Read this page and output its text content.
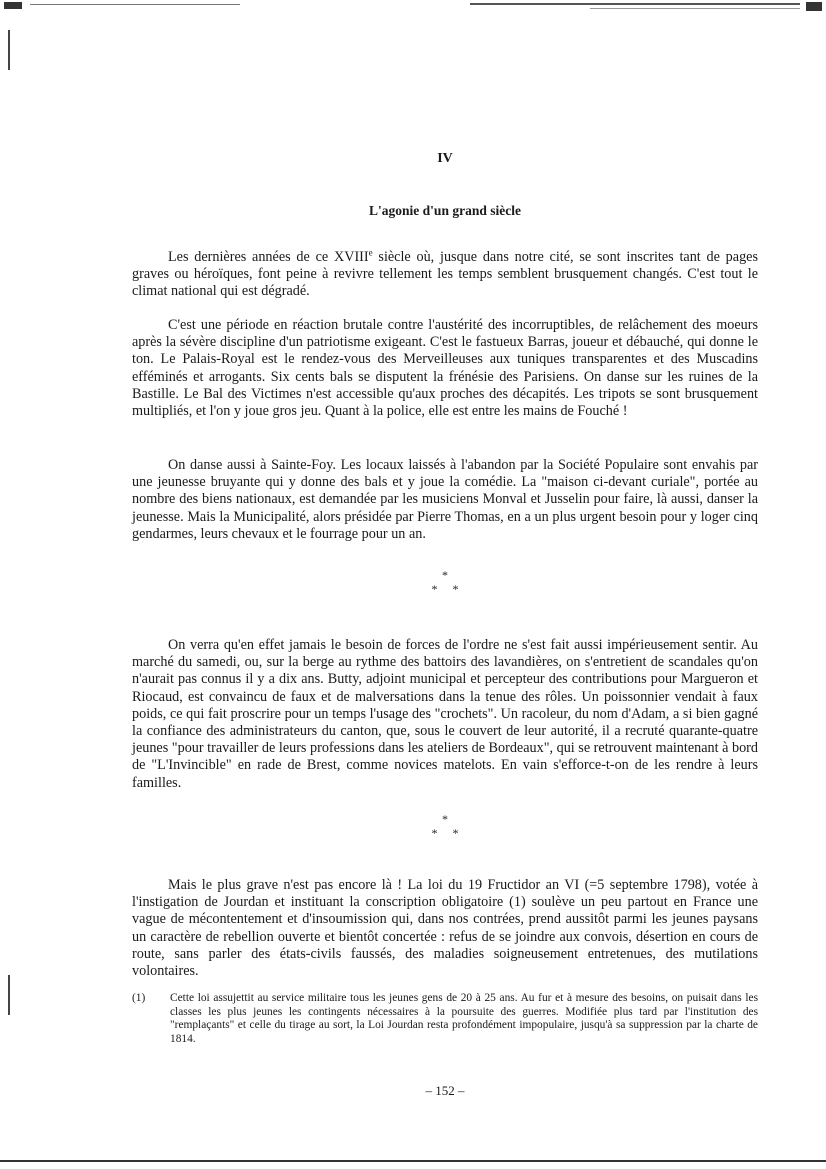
IV
L'agonie d'un grand siècle

Les dernières années de ce XVIIIe siècle où, jusque dans notre cité, se sont inscrites tant de pages graves ou héroïques, font peine à revivre tellement les temps semblent brusquement changés. C'est tout le climat national qui est dégradé.

C'est une période en réaction brutale contre l'austérité des incorruptibles, de relâchement des moeurs après la sévère discipline d'un patriotisme exigeant. C'est le fastueux Barras, joueur et débauché, qui donne le ton. Le Palais-Royal est le rendez-vous des Merveilleuses aux tuniques transparentes et des Muscadins efféminés et arrogants. Six cents bals se disputent la frénésie des Parisiens. On danse sur les ruines de la Bastille. Le Bal des Victimes n'est accessible qu'aux proches des décapités. Les tripots se sont brusquement multipliés, et l'on y joue gros jeu. Quant à la police, elle est entre les mains de Fouché !

On danse aussi à Sainte-Foy. Les locaux laissés à l'abandon par la Société Populaire sont envahis par une jeunesse bruyante qui y donne des bals et y joue la comédie. La "maison ci-devant curiale", portée au nombre des biens nationaux, est demandée par les musiciens Monval et Jusselin pour faire, là aussi, danser la jeunesse. Mais la Municipalité, alors présidée par Pierre Thomas, en a un plus urgent besoin pour y loger cinq gendarmes, leurs chevaux et le fourrage pour un an.

*
*     *

On verra qu'en effet jamais le besoin de forces de l'ordre ne s'est fait aussi impérieusement sentir. Au marché du samedi, ou, sur la berge au rythme des battoirs des lavandières, on s'entretient de scandales qu'on n'aurait pas connus il y a dix ans. Butty, adjoint municipal et percepteur des contributions pour Margueron et Riocaud, est convaincu de faux et de malversations dans la tenue des rôles. Un poissonnier vendait à faux poids, ce qui fait proscrire pour un temps l'usage des "crochets". Un racoleur, du nom d'Adam, a si bien gagné la confiance des administrateurs du canton, que, sous le couvert de leur autorité, il a recruté quarante-quatre jeunes "pour travailler de leurs professions dans les ateliers de Bordeaux", qui se retrouvent maintenant à bord de "L'Invincible" en rade de Brest, comme novices matelots. En vain s'efforce-t-on de les rendre à leurs familles.

*
*     *

Mais le plus grave n'est pas encore là ! La loi du 19 Fructidor an VI (=5 septembre 1798), votée à l'instigation de Jourdan et instituant la conscription obligatoire (1) soulève un peu partout en France une vague de mécontentement et d'insoumission qui, dans nos contrées, prend aussitôt parmi les jeunes paysans un caractère de rebellion ouverte et bientôt concertée : refus de se joindre aux convois, désertion en cours de route, sans parler des états-civils faussés, des maladies soigneusement entretenues, des mutilations volontaires.

(1)	Cette loi assujettit au service militaire tous les jeunes gens de 20 à 25 ans. Au fur et à mesure des besoins, on puisait dans les classes les plus jeunes les contingents nécessaires à la poursuite des guerres. Modifiée plus tard par l'institution des "remplaçants" et celle du tirage au sort, la Loi Jourdan resta profondément impopulaire, jusqu'à sa suppression par la charte de 1814.
– 152 –
